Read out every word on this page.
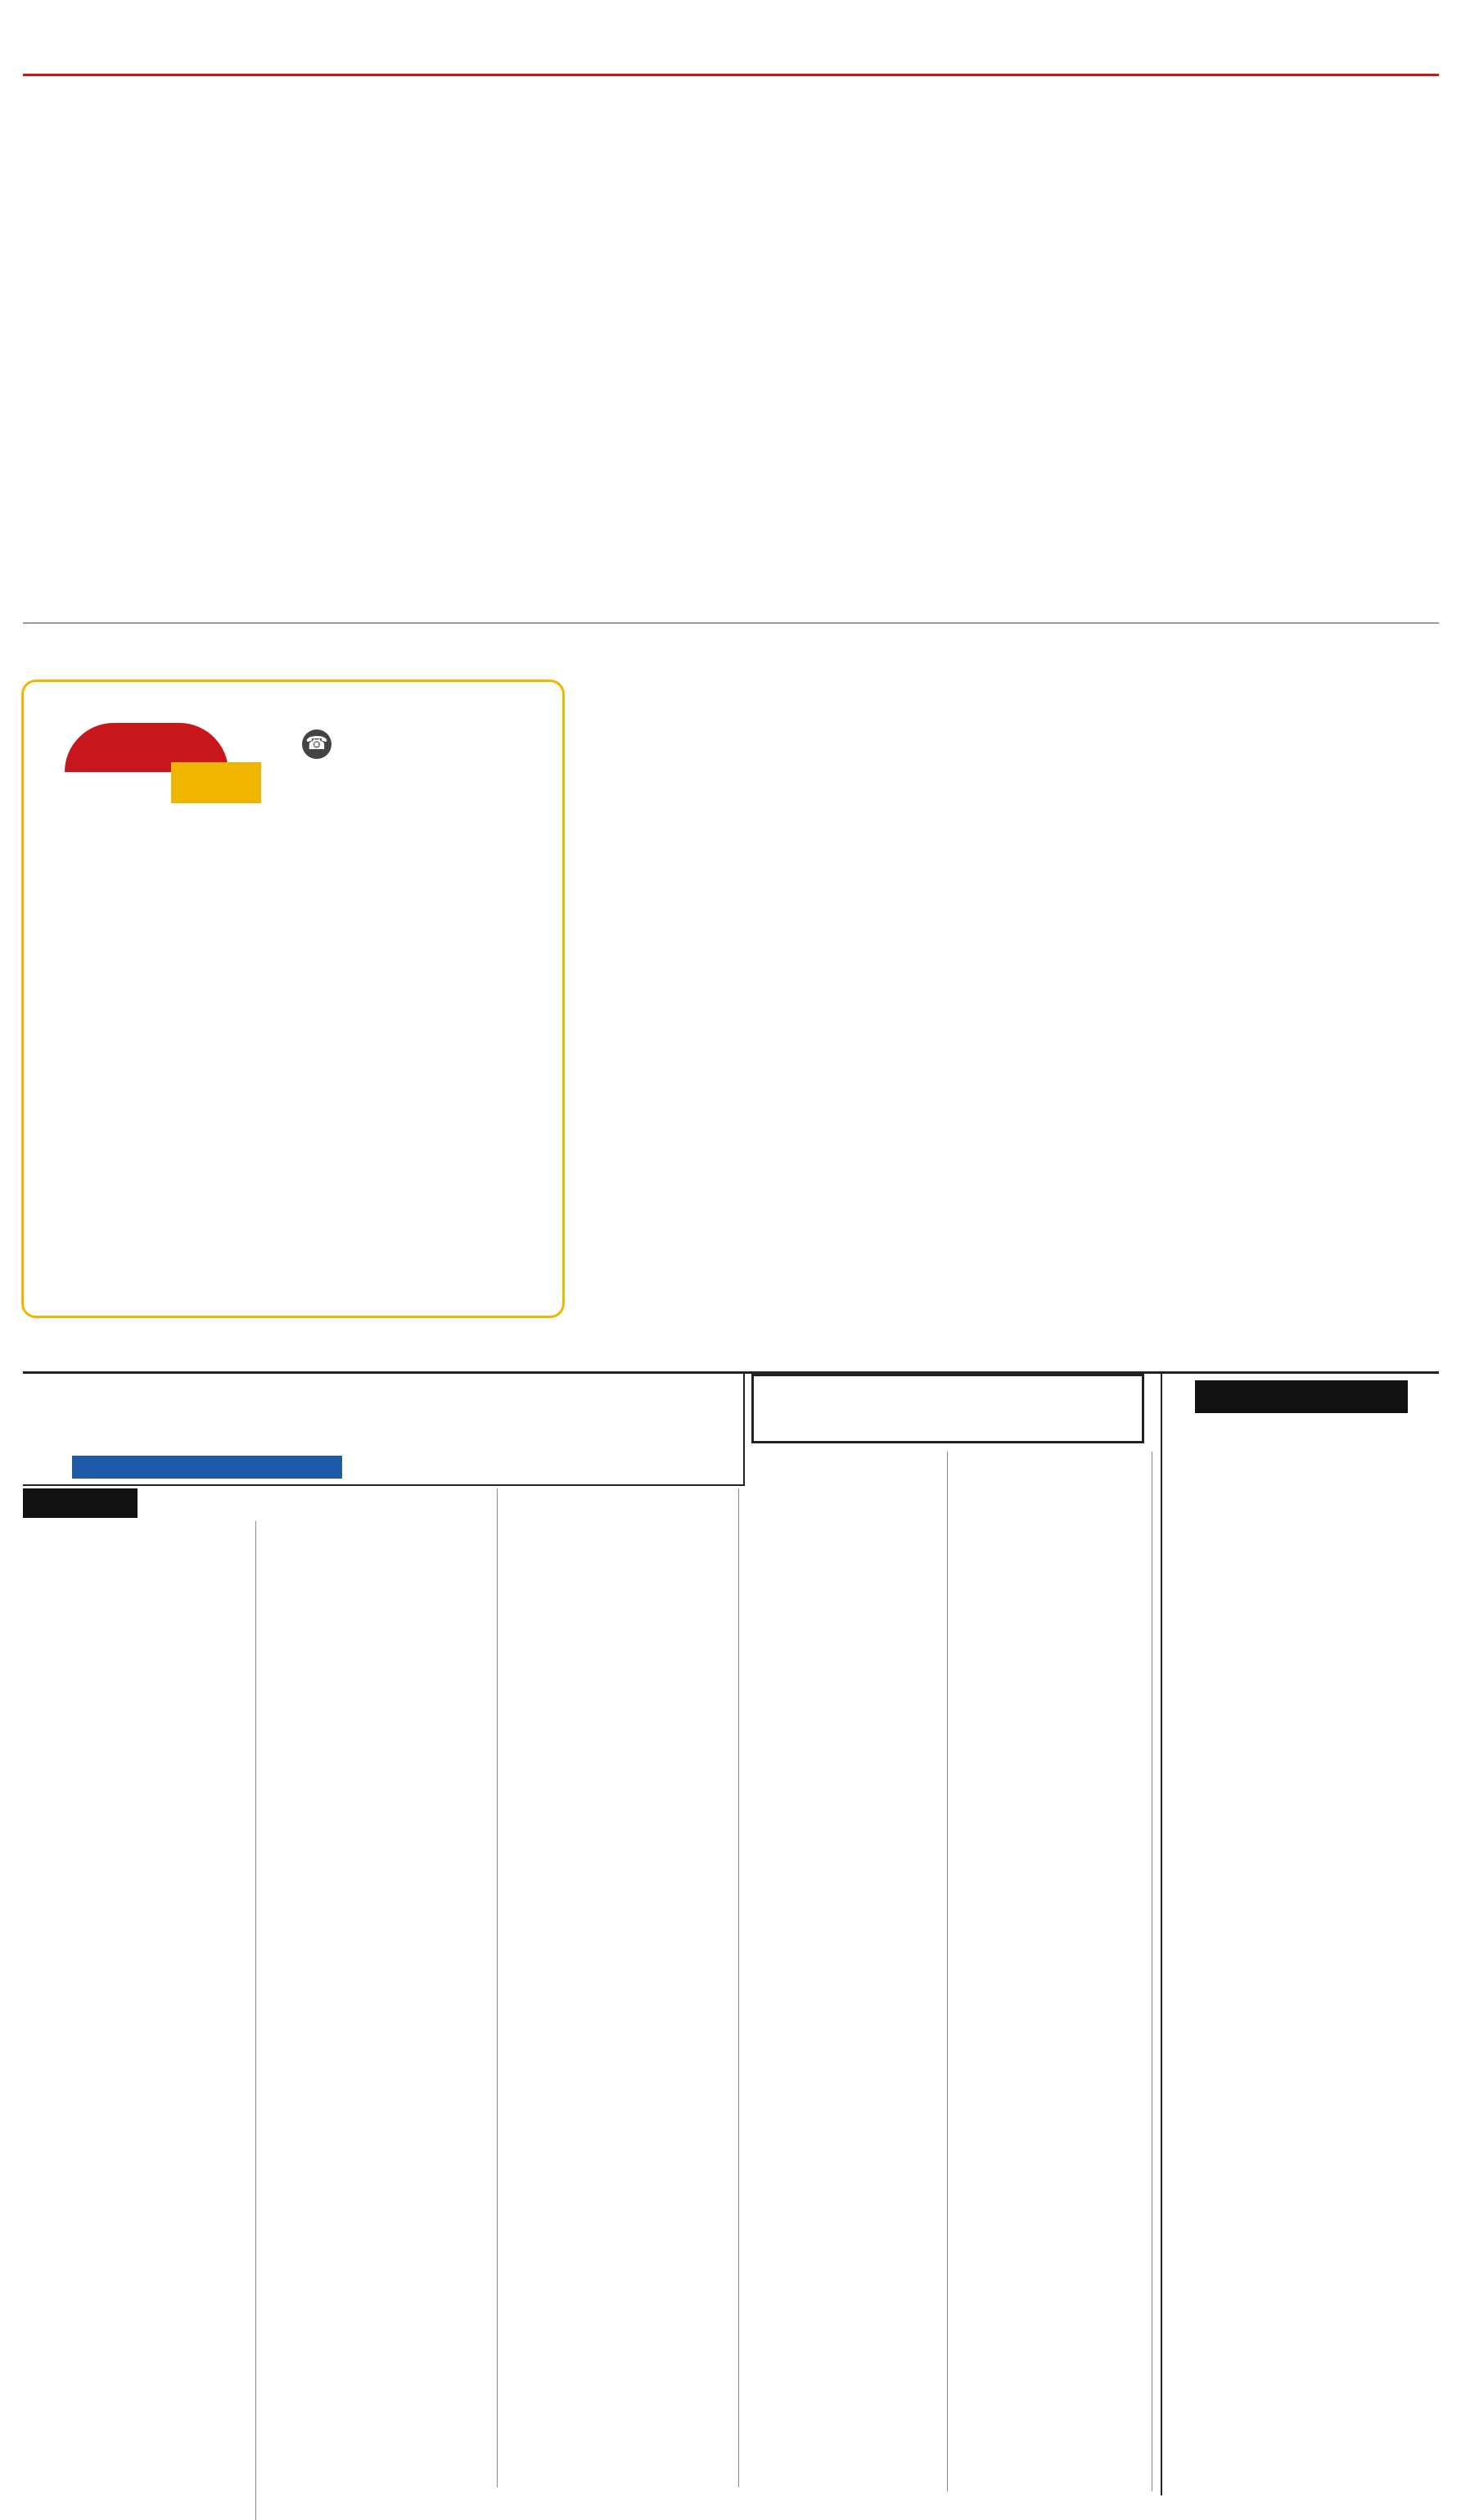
☎
